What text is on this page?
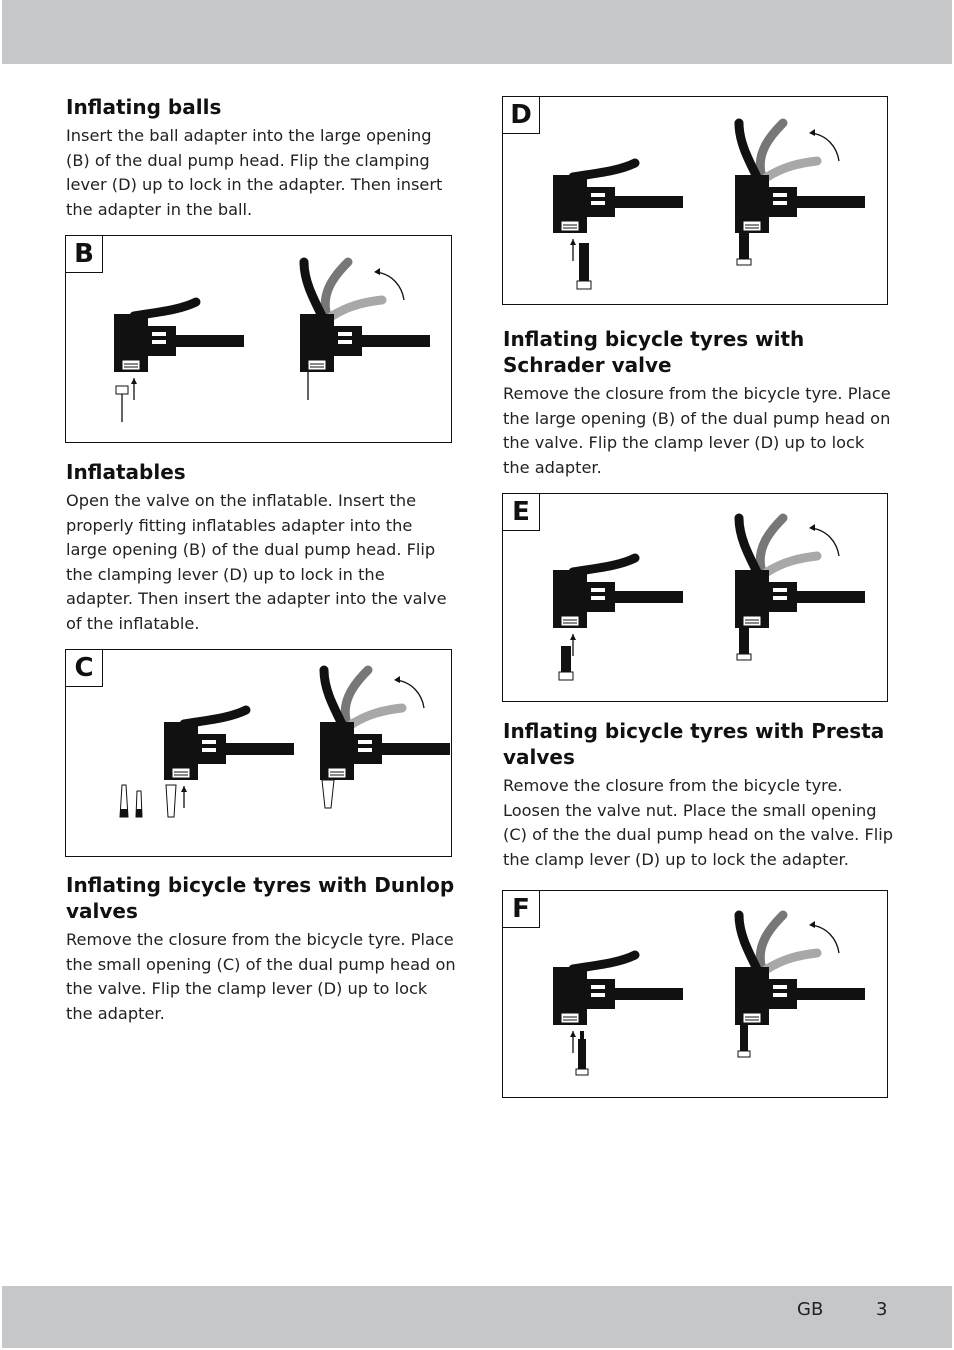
Inflating balls

Insert the ball adapter into the large opening (B) of the dual pump head. Flip the clamping lever (D) up to lock in the adapter. Then insert the adapter in the ball.

B
Inflatables

Open the valve on the inflatable. Insert the properly fitting inflatables adapter into the large opening (B) of the dual pump head. Flip the clamping lever (D) up to lock in the adapter. Then insert the adapter into the valve of the inflatable.

C
Inflating bicycle tyres with Dunlop valves

Remove the closure from the bicycle tyre. Place the small opening (C) of the dual pump head on the valve. Flip the clamp lever (D) up to lock the adapter.

D
Inflating bicycle tyres with Schrader valve

Remove the closure from the bicycle tyre. Place the large opening (B) of the dual pump head on the valve. Flip the clamp lever (D) up to lock the adapter.

E
Inflating bicycle tyres with Presta valves

Remove the closure from the bicycle tyre. Loosen the valve nut. Place the small opening (C) of the the dual pump head on the valve. Flip the clamp lever (D) up to lock the adapter.

F
GB	3
